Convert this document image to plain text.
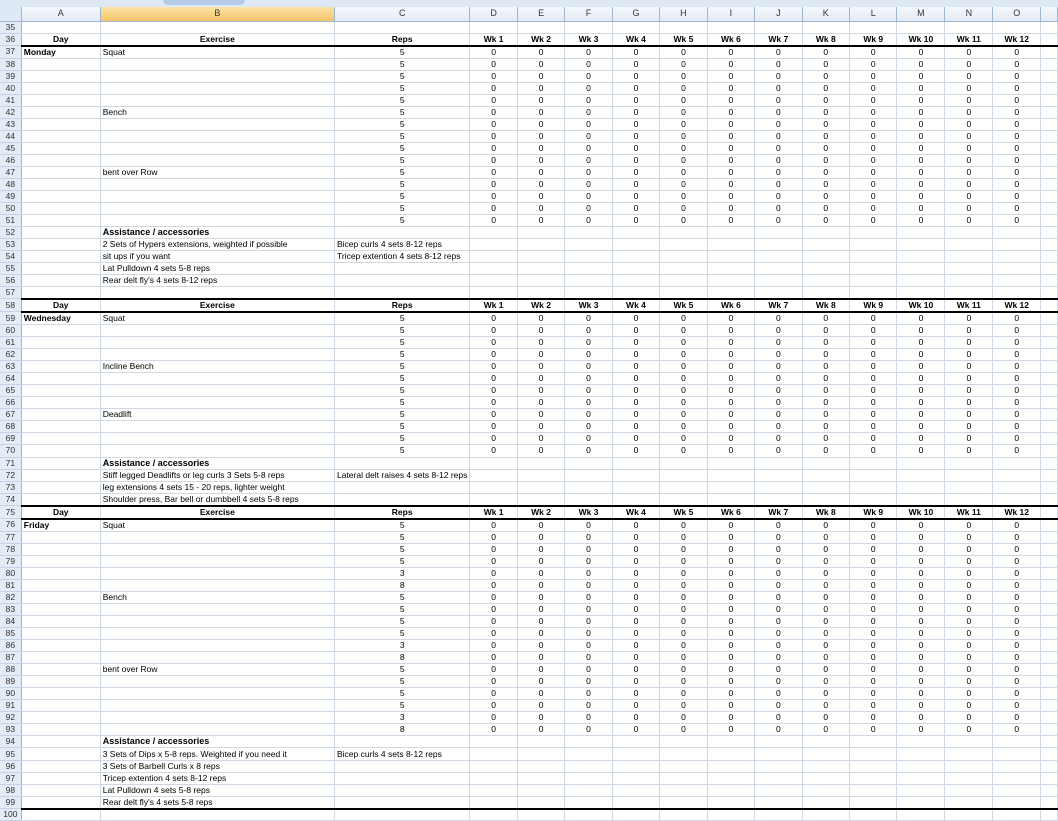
	A	B	C	D	E	F	G	H	I	J	K	L	M	N	O	
35																
36	Day	Exercise	Reps	Wk 1	Wk 2	Wk 3	Wk 4	Wk 5	Wk 6	Wk 7	Wk 8	Wk 9	Wk 10	Wk 11	Wk 12	
37	Monday	Squat	5	0	0	0	0	0	0	0	0	0	0	0	0	
38			5	0	0	0	0	0	0	0	0	0	0	0	0	
39			5	0	0	0	0	0	0	0	0	0	0	0	0	
40			5	0	0	0	0	0	0	0	0	0	0	0	0	
41			5	0	0	0	0	0	0	0	0	0	0	0	0	
42		Bench	5	0	0	0	0	0	0	0	0	0	0	0	0	
43			5	0	0	0	0	0	0	0	0	0	0	0	0	
44			5	0	0	0	0	0	0	0	0	0	0	0	0	
45			5	0	0	0	0	0	0	0	0	0	0	0	0	
46			5	0	0	0	0	0	0	0	0	0	0	0	0	
47		bent over Row	5	0	0	0	0	0	0	0	0	0	0	0	0	
48			5	0	0	0	0	0	0	0	0	0	0	0	0	
49			5	0	0	0	0	0	0	0	0	0	0	0	0	
50			5	0	0	0	0	0	0	0	0	0	0	0	0	
51			5	0	0	0	0	0	0	0	0	0	0	0	0	
52		Assistance / accessories														
53		2 Sets of Hypers extensions, weighted if possible	Bicep curls 4 sets 8-12 reps													
54		sit ups if you want	Tricep extention 4 sets 8-12 reps													
55		Lat Pulldown 4 sets 5-8 reps														
56		Rear delt fly's 4 sets 8-12 reps														
57																
58	Day	Exercise	Reps	Wk 1	Wk 2	Wk 3	Wk 4	Wk 5	Wk 6	Wk 7	Wk 8	Wk 9	Wk 10	Wk 11	Wk 12	
59	Wednesday	Squat	5	0	0	0	0	0	0	0	0	0	0	0	0	
60			5	0	0	0	0	0	0	0	0	0	0	0	0	
61			5	0	0	0	0	0	0	0	0	0	0	0	0	
62			5	0	0	0	0	0	0	0	0	0	0	0	0	
63		Incline Bench	5	0	0	0	0	0	0	0	0	0	0	0	0	
64			5	0	0	0	0	0	0	0	0	0	0	0	0	
65			5	0	0	0	0	0	0	0	0	0	0	0	0	
66			5	0	0	0	0	0	0	0	0	0	0	0	0	
67		Deadlift	5	0	0	0	0	0	0	0	0	0	0	0	0	
68			5	0	0	0	0	0	0	0	0	0	0	0	0	
69			5	0	0	0	0	0	0	0	0	0	0	0	0	
70			5	0	0	0	0	0	0	0	0	0	0	0	0	
71		Assistance / accessories														
72		Stiff legged Deadlifts or leg curls 3 Sets 5-8 reps	Lateral delt raises 4 sets 8-12 reps													
73		leg extensions 4 sets 15 - 20 reps, lighter weight														
74		Shoulder press, Bar bell or dumbbell 4 sets 5-8 reps														
75	Day	Exercise	Reps	Wk 1	Wk 2	Wk 3	Wk 4	Wk 5	Wk 6	Wk 7	Wk 8	Wk 9	Wk 10	Wk 11	Wk 12	
76	Friday	Squat	5	0	0	0	0	0	0	0	0	0	0	0	0	
77			5	0	0	0	0	0	0	0	0	0	0	0	0	
78			5	0	0	0	0	0	0	0	0	0	0	0	0	
79			5	0	0	0	0	0	0	0	0	0	0	0	0	
80			3	0	0	0	0	0	0	0	0	0	0	0	0	
81			8	0	0	0	0	0	0	0	0	0	0	0	0	
82		Bench	5	0	0	0	0	0	0	0	0	0	0	0	0	
83			5	0	0	0	0	0	0	0	0	0	0	0	0	
84			5	0	0	0	0	0	0	0	0	0	0	0	0	
85			5	0	0	0	0	0	0	0	0	0	0	0	0	
86			3	0	0	0	0	0	0	0	0	0	0	0	0	
87			8	0	0	0	0	0	0	0	0	0	0	0	0	
88		bent over Row	5	0	0	0	0	0	0	0	0	0	0	0	0	
89			5	0	0	0	0	0	0	0	0	0	0	0	0	
90			5	0	0	0	0	0	0	0	0	0	0	0	0	
91			5	0	0	0	0	0	0	0	0	0	0	0	0	
92			3	0	0	0	0	0	0	0	0	0	0	0	0	
93			8	0	0	0	0	0	0	0	0	0	0	0	0	
94		Assistance / accessories														
95		3 Sets of Dips x 5-8 reps. Weighted if you need it	Bicep curls 4 sets 8-12 reps													
96		3 Sets of Barbell Curls x 8 reps														
97		Tricep extention 4 sets 8-12 reps														
98		Lat Pulldown 4 sets 5-8 reps														
99		Rear delt fly's 4 sets 5-8 reps														
100																
